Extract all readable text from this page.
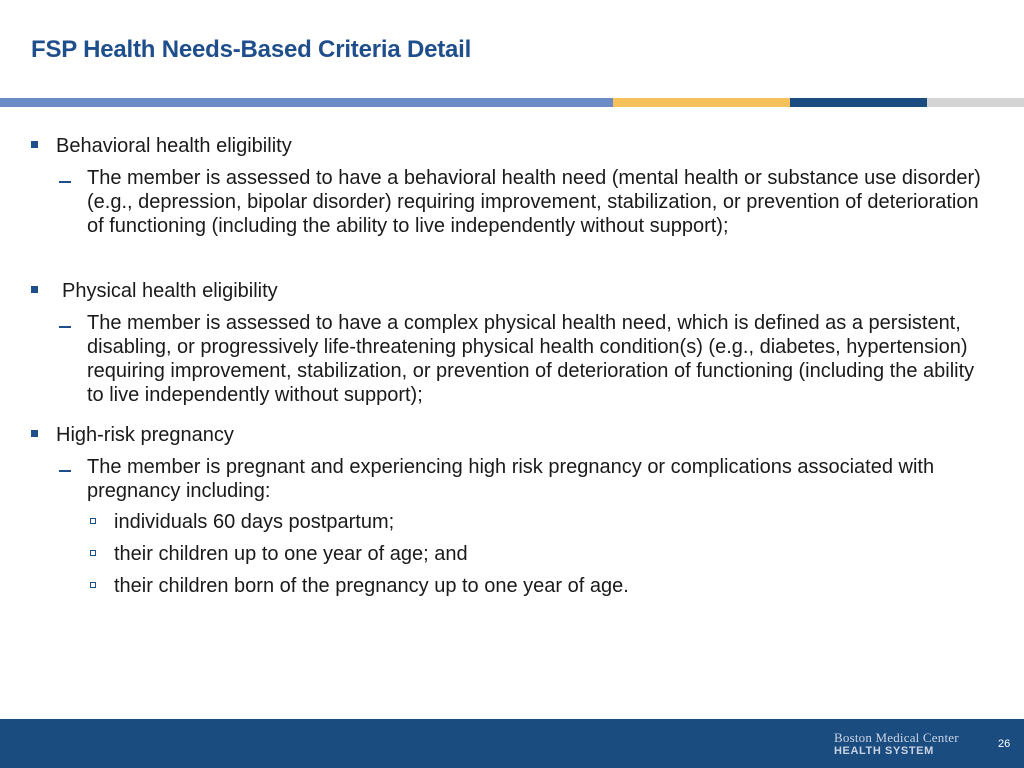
FSP Health Needs-Based Criteria Detail
Behavioral health eligibility
The member is assessed to have a behavioral health need (mental health or substance use disorder) (e.g., depression, bipolar disorder) requiring improvement, stabilization, or prevention of deterioration of functioning (including the ability to live independently without support);
Physical health eligibility
The member is assessed to have a complex physical health need, which is defined as a persistent, disabling, or progressively life-threatening physical health condition(s) (e.g., diabetes, hypertension) requiring improvement, stabilization, or prevention of deterioration of functioning (including the ability to live independently without support);
High-risk pregnancy
The member is pregnant and experiencing high risk pregnancy or complications associated with pregnancy including:
individuals 60 days postpartum;
their children up to one year of age; and
their children born of the pregnancy up to one year of age.
Boston Medical Center
HEALTH SYSTEM
26
